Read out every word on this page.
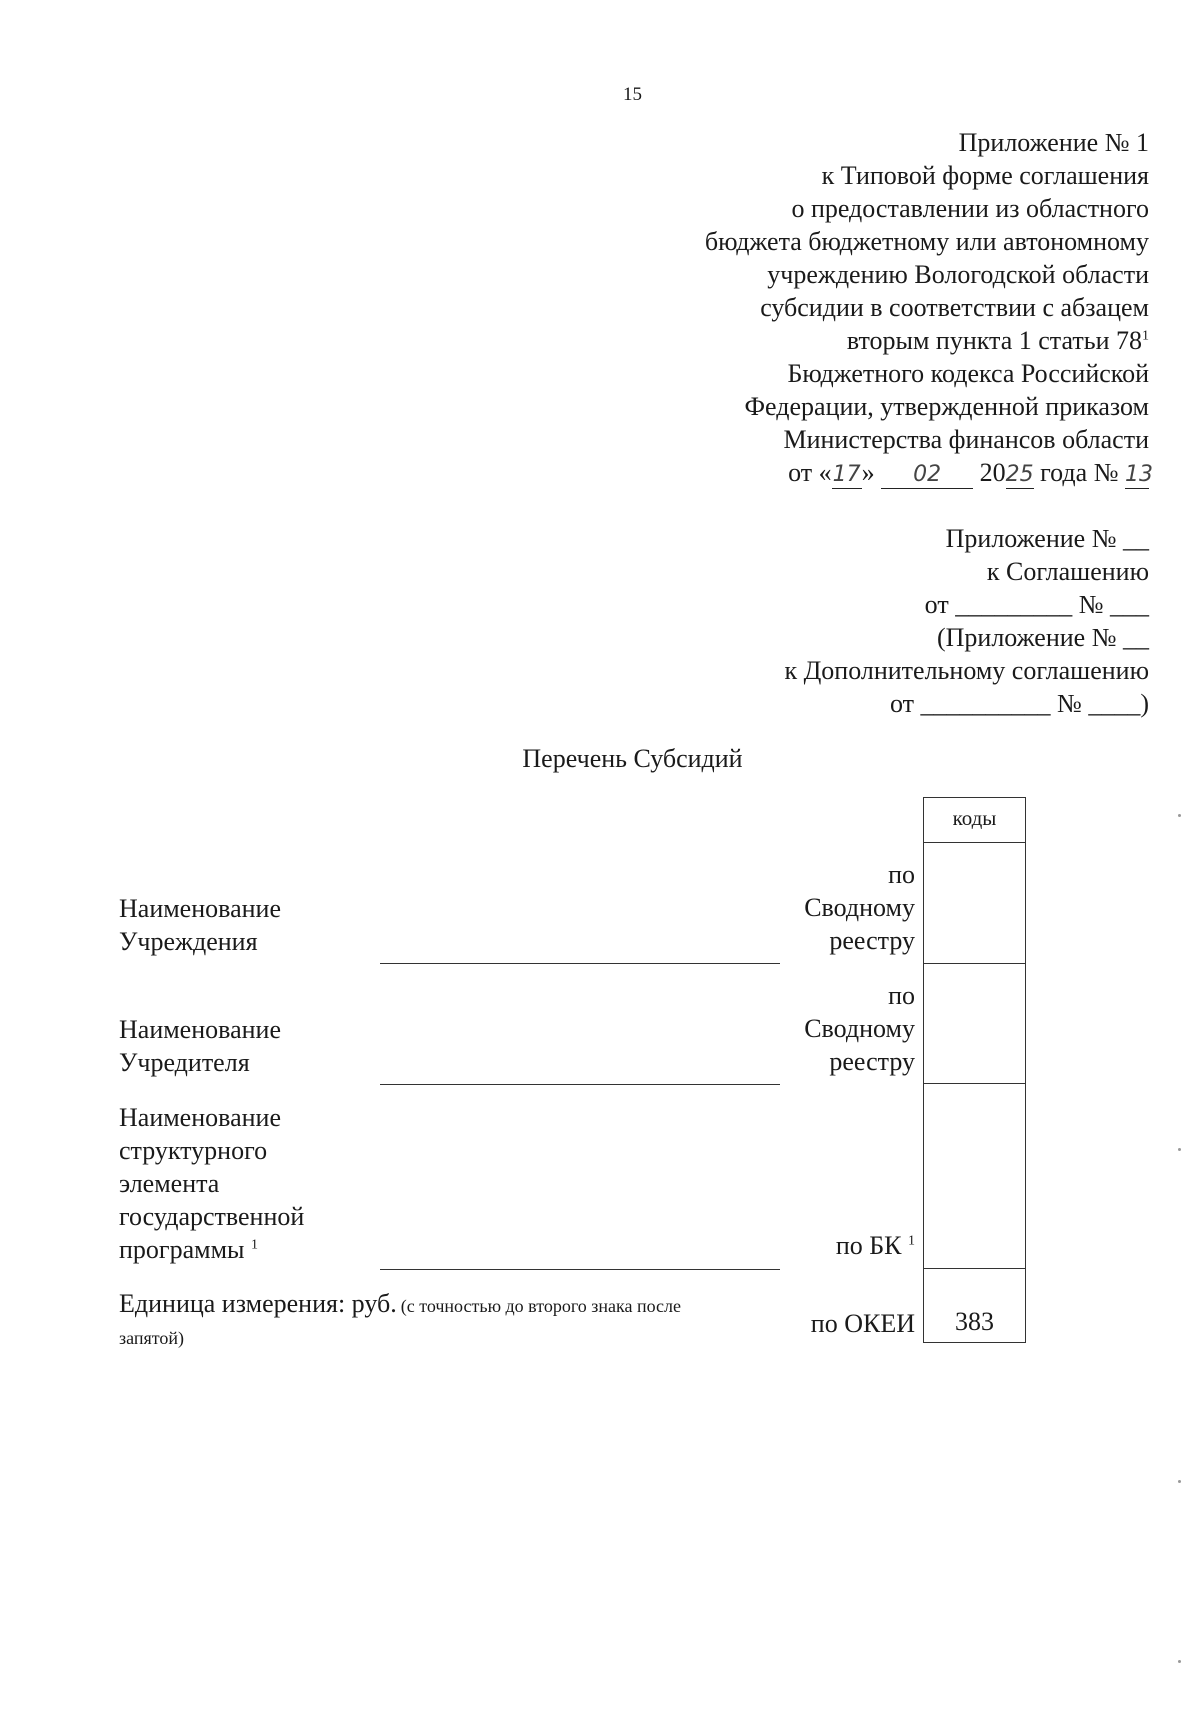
15
Приложение № 1
к Типовой форме соглашения
о предоставлении из областного
бюджета бюджетному или автономному
учреждению Вологодской области
субсидии в соответствии с абзацем
вторым пункта 1 статьи $78^1$
Бюджетного кодекса Российской
Федерации, утвержденной приказом
Министерства финансов области
от «17» 02 2025 года № 13
Приложение № __
к Соглашению
от _________ № ___
(Приложение № __
к Дополнительному соглашению
от __________ № ____)
Перечень Субсидий
коды
383
Наименование
Учреждения
по
Сводному
реестру
Наименование
Учредителя
по
Сводному
реестру
Наименование
структурного
элемента
государственной
программы $^1$	по БК $^1$
Единица измерения: руб. (с точностью до второго знака после
запятой)	по ОКЕИ
